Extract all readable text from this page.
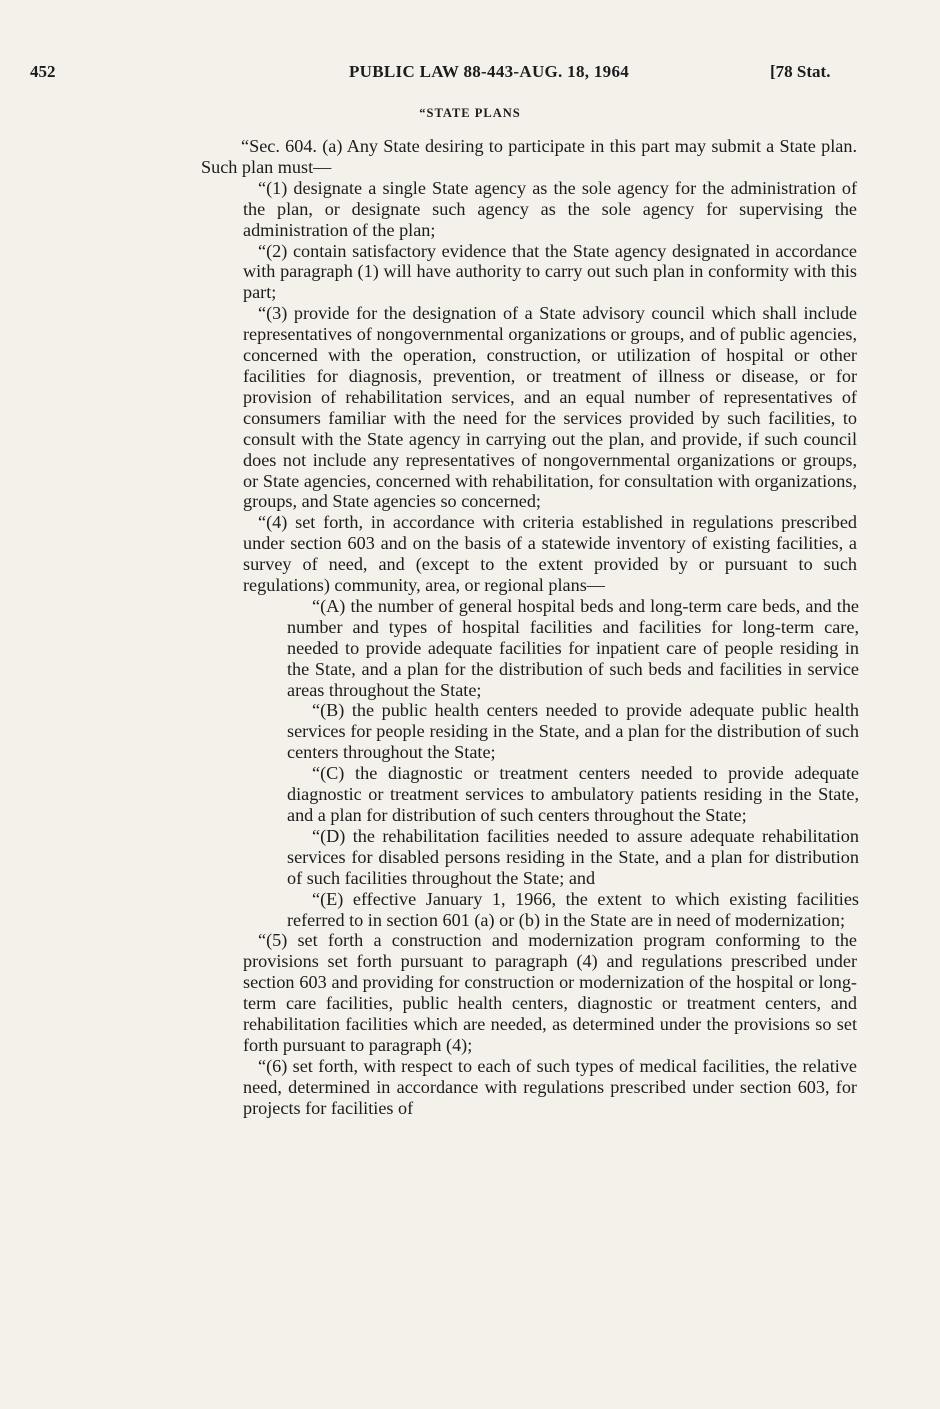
452	PUBLIC LAW 88-443-AUG. 18, 1964	[78 Stat.
“STATE PLANS

“Sec. 604. (a) Any State desiring to participate in this part may submit a State plan. Such plan must—

“(1) designate a single State agency as the sole agency for the administration of the plan, or designate such agency as the sole agency for supervising the administration of the plan;

“(2) contain satisfactory evidence that the State agency designated in accordance with paragraph (1) will have authority to carry out such plan in conformity with this part;

“(3) provide for the designation of a State advisory council which shall include representatives of nongovernmental organizations or groups, and of public agencies, concerned with the operation, construction, or utilization of hospital or other facilities for diagnosis, prevention, or treatment of illness or disease, or for provision of rehabilitation services, and an equal number of representatives of consumers familiar with the need for the services provided by such facilities, to consult with the State agency in carrying out the plan, and provide, if such council does not include any representatives of nongovernmental organizations or groups, or State agencies, concerned with rehabilitation, for consultation with organizations, groups, and State agencies so concerned;

“(4) set forth, in accordance with criteria established in regulations prescribed under section 603 and on the basis of a statewide inventory of existing facilities, a survey of need, and (except to the extent provided by or pursuant to such regulations) community, area, or regional plans—

“(A) the number of general hospital beds and long-term care beds, and the number and types of hospital facilities and facilities for long-term care, needed to provide adequate facilities for inpatient care of people residing in the State, and a plan for the distribution of such beds and facilities in service areas throughout the State;

“(B) the public health centers needed to provide adequate public health services for people residing in the State, and a plan for the distribution of such centers throughout the State;

“(C) the diagnostic or treatment centers needed to provide adequate diagnostic or treatment services to ambulatory patients residing in the State, and a plan for distribution of such centers throughout the State;

“(D) the rehabilitation facilities needed to assure adequate rehabilitation services for disabled persons residing in the State, and a plan for distribution of such facilities throughout the State; and

“(E) effective January 1, 1966, the extent to which existing facilities referred to in section 601 (a) or (b) in the State are in need of modernization;

“(5) set forth a construction and modernization program conforming to the provisions set forth pursuant to paragraph (4) and regulations prescribed under section 603 and providing for construction or modernization of the hospital or long-term care facilities, public health centers, diagnostic or treatment centers, and rehabilitation facilities which are needed, as determined under the provisions so set forth pursuant to paragraph (4);

“(6) set forth, with respect to each of such types of medical facilities, the relative need, determined in accordance with regulations prescribed under section 603, for projects for facilities of
